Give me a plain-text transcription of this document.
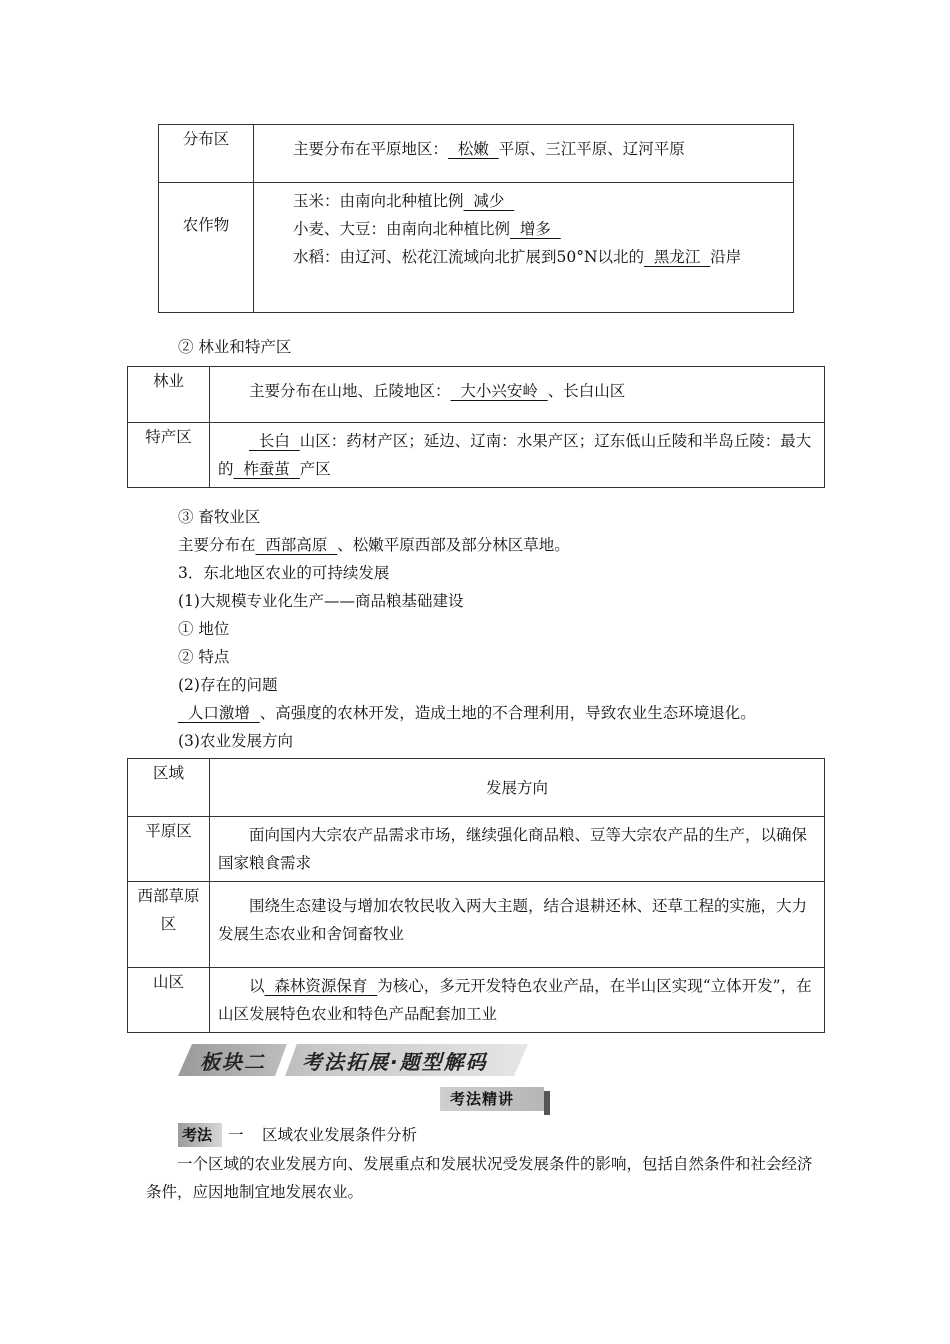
分布区	主要分布在平原地区： 松嫩 平原、三江平原、辽河平原
农作物	玉米：由南向北种植比例 减少
小麦、大豆：由南向北种植比例 增多
水稻：由辽河、松花江流域向北扩展到50°N以北的 黑龙江 沿岸
② 林业和特产区
林业	主要分布在山地、丘陵地区： 大小兴安岭 、长白山区
特产区	长白 山区：药材产区；延边、辽南：水果产区；辽东低山丘陵和半岛丘陵：最大的 柞蚕茧 产区
③ 畜牧业区
主要分布在 西部高原 、松嫩平原西部及部分林区草地。
3．东北地区农业的可持续发展
(1)大规模专业化生产——商品粮基础建设
① 地位
② 特点
(2)存在的问题
人口激增 、高强度的农林开发，造成土地的不合理利用，导致农业生态环境退化。
(3)农业发展方向
区域	发展方向
平原区	面向国内大宗农产品需求市场，继续强化商品粮、豆等大宗农产品的生产，以确保国家粮食需求
西部草原区	围绕生态建设与增加农牧民收入两大主题，结合退耕还林、还草工程的实施，大力发展生态农业和舍饲畜牧业
山区	以 森林资源保育 为核心，多元开发特色农业产品，在半山区实现“立体开发”，在山区发展特色农业和特色产品配套加工业
板块二 考法拓展·题型解码
考法精讲
考法 一 区域农业发展条件分析
一个区域的农业发展方向、发展重点和发展状况受发展条件的影响，包括自然条件和社会经济条件，应因地制宜地发展农业。
